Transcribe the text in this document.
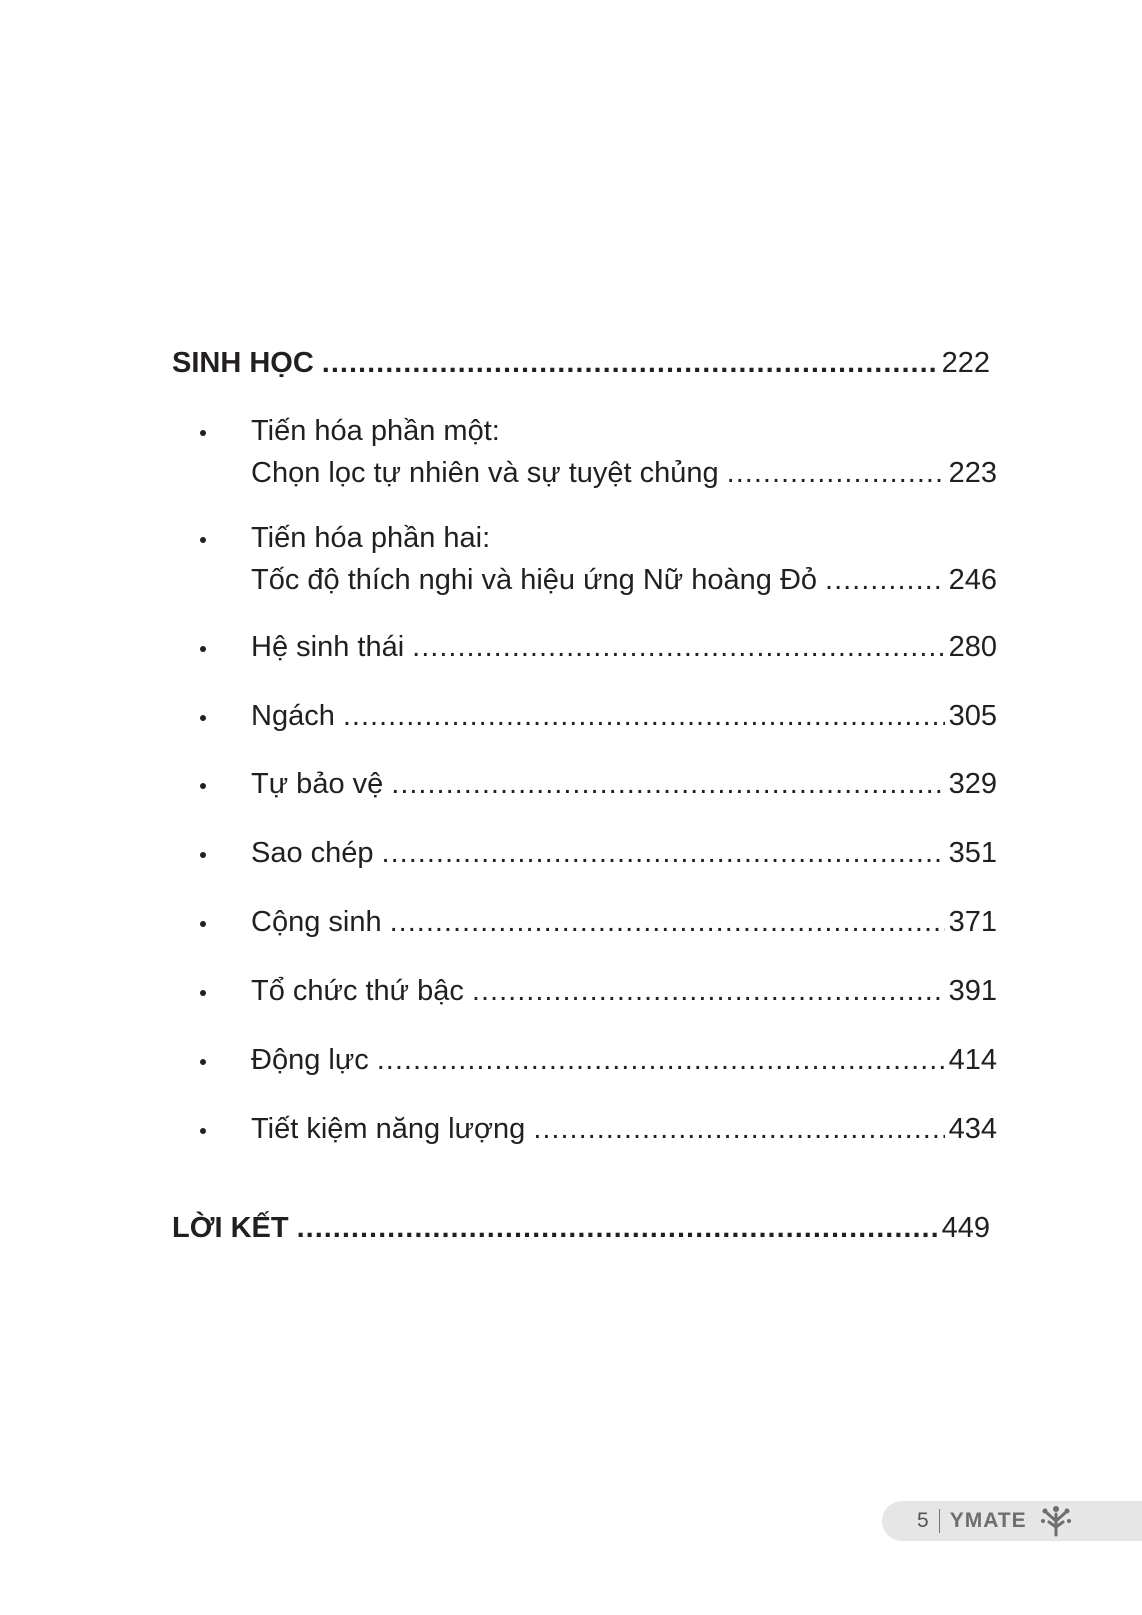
SINH HỌC .....	222
Tiến hóa phần một:
Chọn lọc tự nhiên và sự tuyệt chủng .....	223
Tiến hóa phần hai:
Tốc độ thích nghi và hiệu ứng Nữ hoàng Đỏ .....	246
Hệ sinh thái .....	280
Ngách .....	305
Tự bảo vệ .....	329
Sao chép .....	351
Cộng sinh .....	371
Tổ chức thứ bậc .....	391
Động lực .....	414
Tiết kiệm năng lượng .....	434
LỜI KẾT .....	449
5 YMATE
